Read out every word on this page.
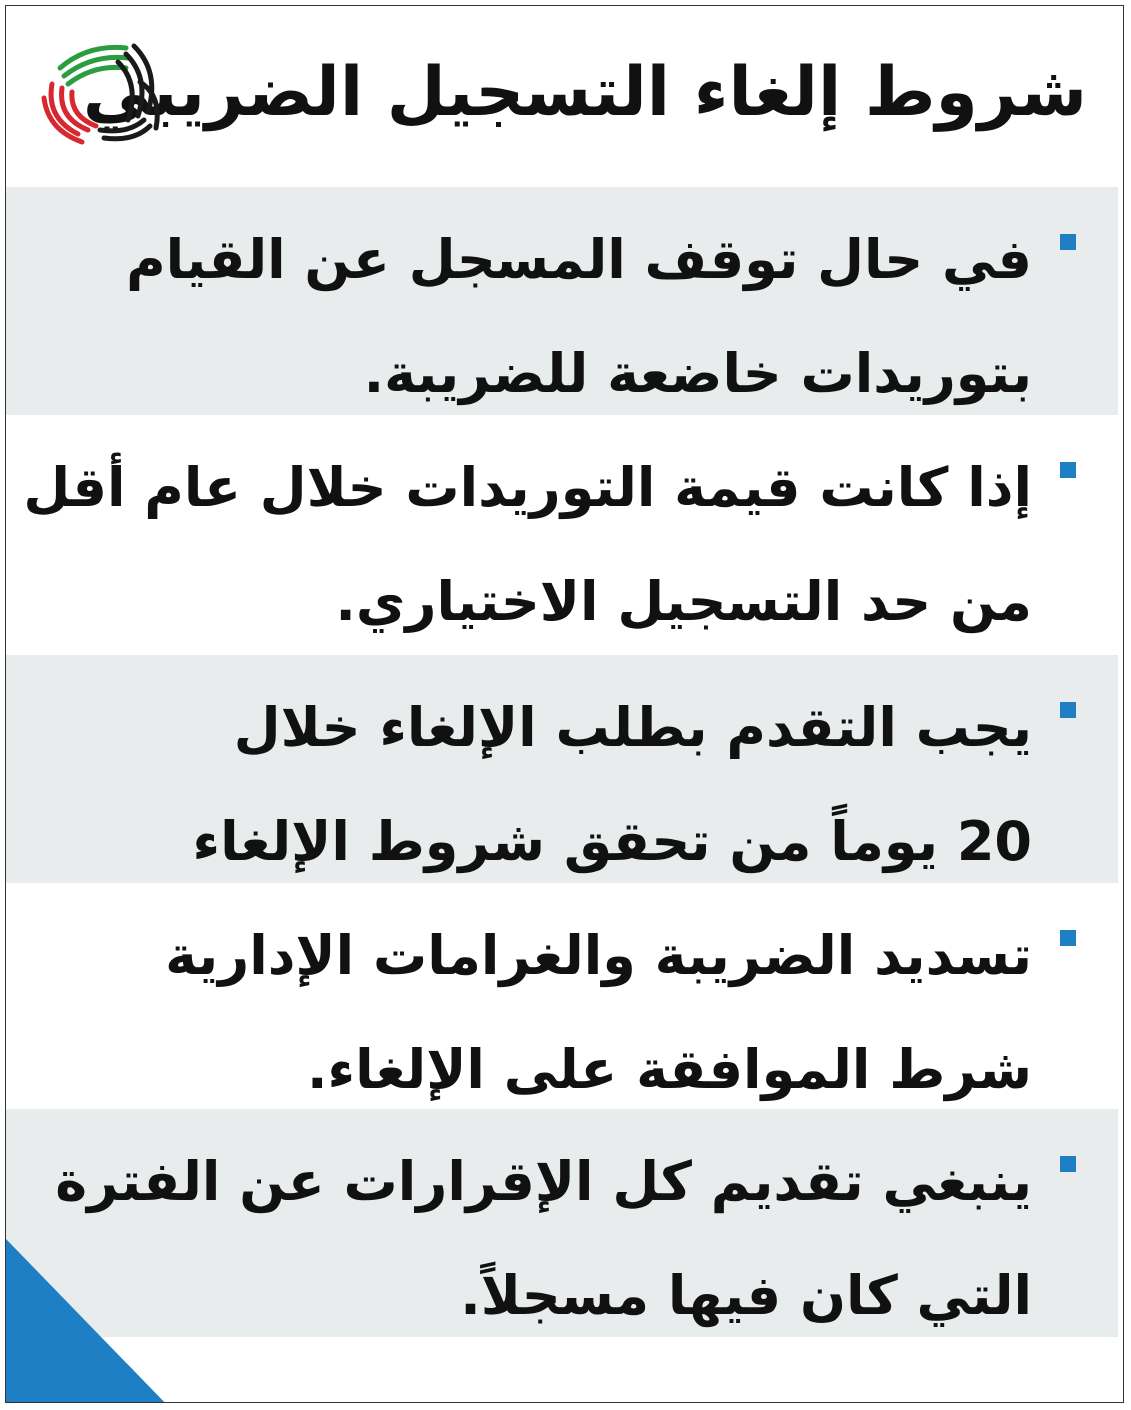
شروط إلغاء التسجيل الضريبي

في حال توقف المسجل عن القيام
بتوريدات خاضعة للضريبة.

إذا كانت قيمة التوريدات خلال عام أقل
من حد التسجيل الاختياري.

يجب التقدم بطلب الإلغاء خلال
20 يوماً من تحقق شروط الإلغاء

تسديد الضريبة والغرامات الإدارية
شرط الموافقة على الإلغاء.

ينبغي تقديم كل الإقرارات عن الفترة
التي كان فيها مسجلاً.
